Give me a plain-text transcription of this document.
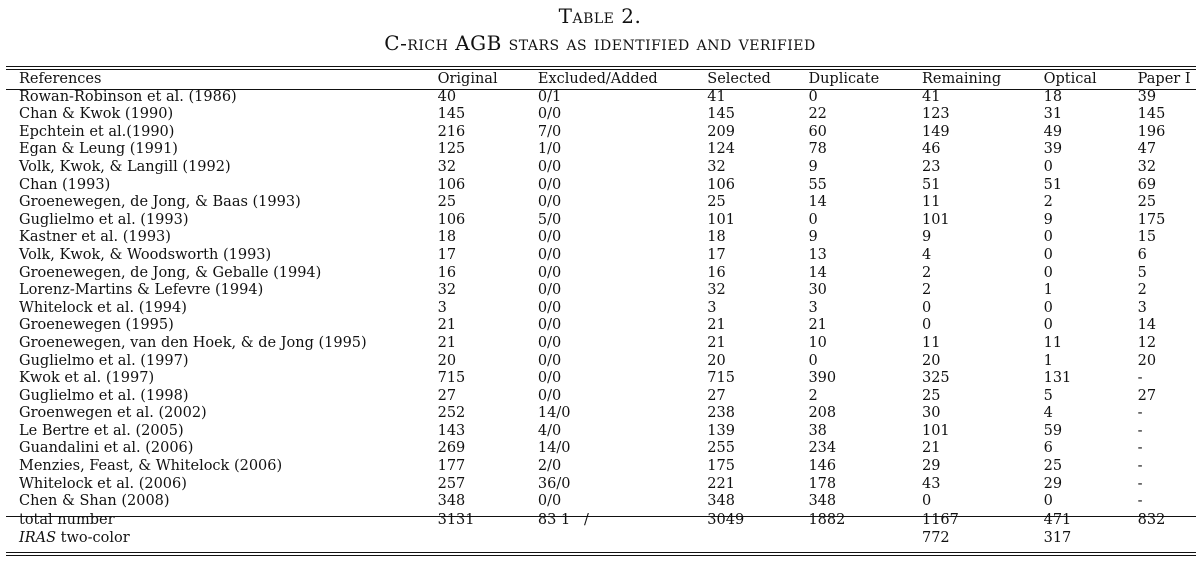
Table 2.
C-rich AGB stars as identified and verified
References	Original	Excluded/Added	Selected	Duplicate	Remaining	Optical	Paper I
Rowan-Robinson et al. (1986)	40	0/1	41	0	41	18	39
Chan & Kwok (1990)	145	0/0	145	22	123	31	145
Epchtein et al.(1990)	216	7/0	209	60	149	49	196
Egan & Leung (1991)	125	1/0	124	78	46	39	47
Volk, Kwok, & Langill (1992)	32	0/0	32	9	23	0	32
Chan (1993)	106	0/0	106	55	51	51	69
Groenewegen, de Jong, & Baas (1993)	25	0/0	25	14	11	2	25
Guglielmo et al. (1993)	106	5/0	101	0	101	9	175
Kastner et al. (1993)	18	0/0	18	9	9	0	15
Volk, Kwok, & Woodsworth (1993)	17	0/0	17	13	4	0	6
Groenewegen, de Jong, & Geballe (1994)	16	0/0	16	14	2	0	5
Lorenz-Martins & Lefevre (1994)	32	0/0	32	30	2	1	2
Whitelock et al. (1994)	3	0/0	3	3	0	0	3
Groenewegen (1995)	21	0/0	21	21	0	0	14
Groenewegen, van den Hoek, & de Jong (1995)	21	0/0	21	10	11	11	12
Guglielmo et al. (1997)	20	0/0	20	0	20	1	20
Kwok et al. (1997)	715	0/0	715	390	325	131	-
Guglielmo et al. (1998)	27	0/0	27	2	25	5	27
Groenwegen et al. (2002)	252	14/0	238	208	30	4	-
Le Bertre et al. (2005)	143	4/0	139	38	101	59	-
Guandalini et al. (2006)	269	14/0	255	234	21	6	-
Menzies, Feast, & Whitelock (2006)	177	2/0	175	146	29	25	-
Whitelock et al. (2006)	257	36/0	221	178	43	29	-
Chen & Shan (2008)	348	0/0	348	348	0	0	-
total number	3131	83 1   /	3049	1882	1167	471	832
IRAS two-color					772	317	
